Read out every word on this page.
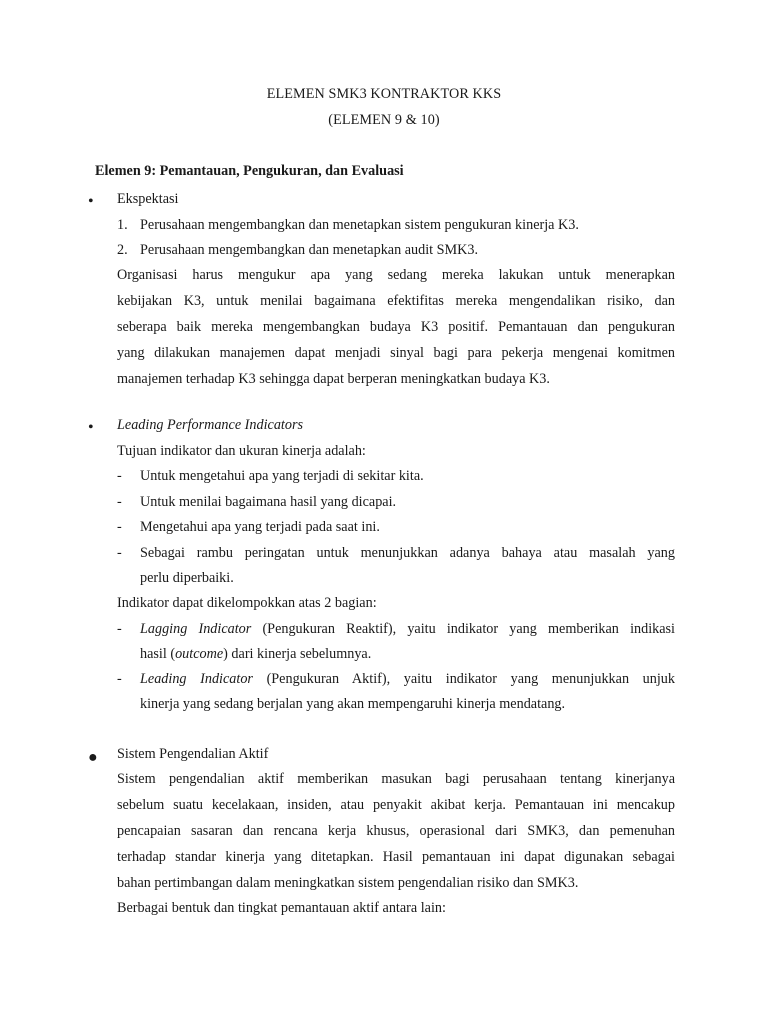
ELEMEN SMK3 KONTRAKTOR KKS
(ELEMEN 9 & 10)
Elemen 9: Pemantauan, Pengukuran, dan Evaluasi
• Ekspektasi
1. Perusahaan mengembangkan dan menetapkan sistem pengukuran kinerja K3.
2. Perusahaan mengembangkan dan menetapkan audit SMK3.
Organisasi harus mengukur apa yang sedang mereka lakukan untuk menerapkan
kebijakan K3, untuk menilai bagaimana efektifitas mereka mengendalikan risiko, dan
seberapa baik mereka mengembangkan budaya K3 positif. Pemantauan dan pengukuran
yang dilakukan manajemen dapat menjadi sinyal bagi para pekerja mengenai komitmen
manajemen terhadap K3 sehingga dapat berperan meningkatkan budaya K3.
• Leading Performance Indicators
Tujuan indikator dan ukuran kinerja adalah:
- Untuk mengetahui apa yang terjadi di sekitar kita.
- Untuk menilai bagaimana hasil yang dicapai.
- Mengetahui apa yang terjadi pada saat ini.
- Sebagai rambu peringatan untuk menunjukkan adanya bahaya atau masalah yang
perlu diperbaiki.
Indikator dapat dikelompokkan atas 2 bagian:
- Lagging Indicator (Pengukuran Reaktif), yaitu indikator yang memberikan indikasi
hasil (outcome) dari kinerja sebelumnya.
- Leading Indicator (Pengukuran Aktif), yaitu indikator yang menunjukkan unjuk
kinerja yang sedang berjalan yang akan mempengaruhi kinerja mendatang.
● Sistem Pengendalian Aktif
Sistem pengendalian aktif memberikan masukan bagi perusahaan tentang kinerjanya
sebelum suatu kecelakaan, insiden, atau penyakit akibat kerja. Pemantauan ini mencakup
pencapaian sasaran dan rencana kerja khusus, operasional dari SMK3, dan pemenuhan
terhadap standar kinerja yang ditetapkan. Hasil pemantauan ini dapat digunakan sebagai
bahan pertimbangan dalam meningkatkan sistem pengendalian risiko dan SMK3.
Berbagai bentuk dan tingkat pemantauan aktif antara lain:
